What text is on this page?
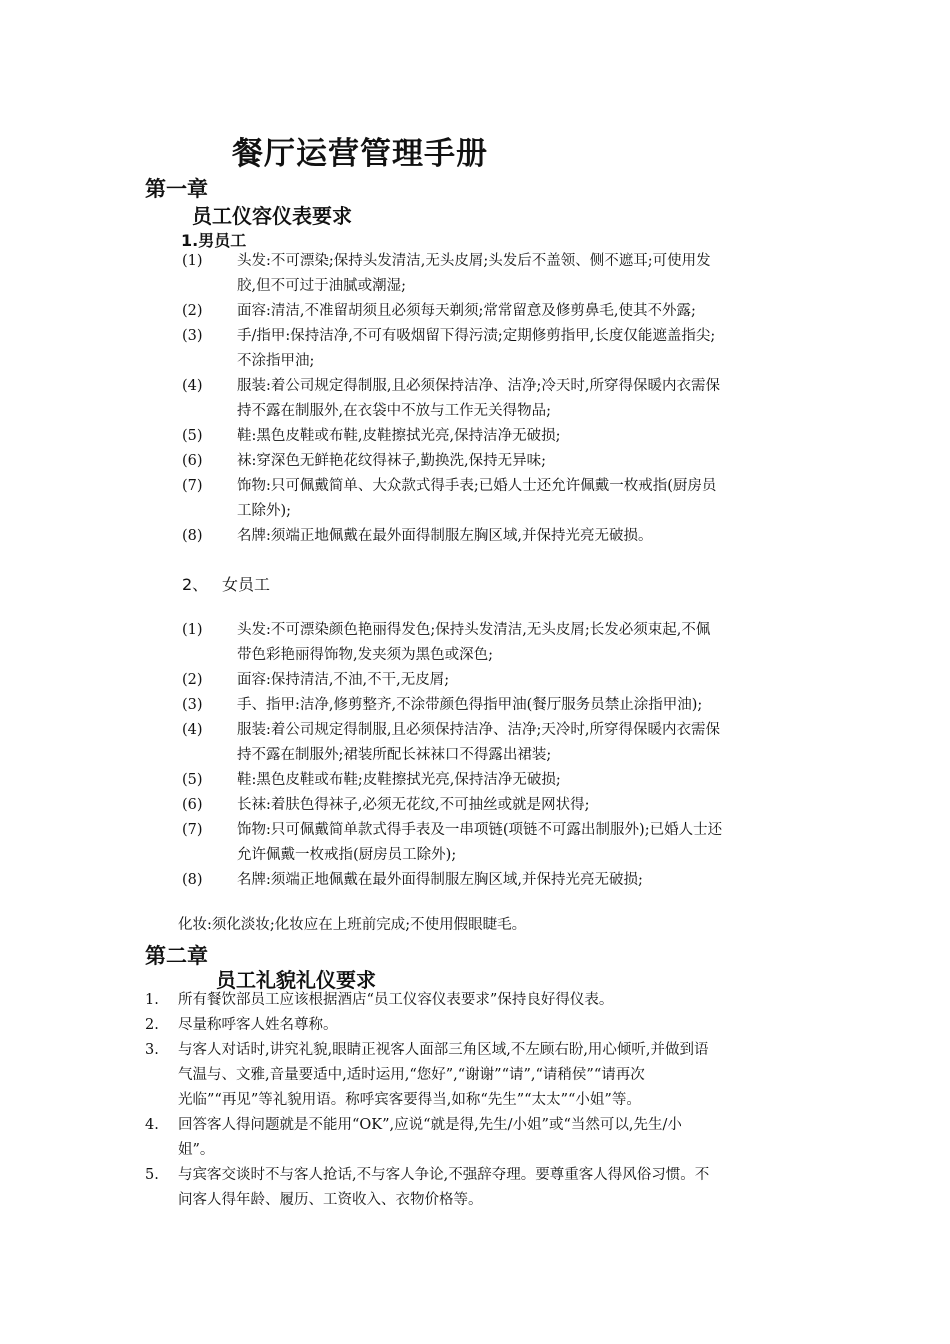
餐厅运营管理手册
第一章
员工仪容仪表要求
1.男员工
(1) 头发:不可漂染;保持头发清洁,无头皮屑;头发后不盖领、侧不遮耳;可使用发
胶,但不可过于油腻或潮湿;
(2) 面容:清洁,不准留胡须且必须每天剃须;常常留意及修剪鼻毛,使其不外露;
(3) 手/指甲:保持洁净,不可有吸烟留下得污渍;定期修剪指甲,长度仅能遮盖指尖;
不涂指甲油;
(4) 服装:着公司规定得制服,且必须保持洁净、洁净;冷天时,所穿得保暖内衣需保
持不露在制服外,在衣袋中不放与工作无关得物品;
(5) 鞋:黑色皮鞋或布鞋,皮鞋擦拭光亮,保持洁净无破损;
(6) 袜:穿深色无鲜艳花纹得袜子,勤换洗,保持无异味;
(7) 饰物:只可佩戴简单、大众款式得手表;已婚人士还允许佩戴一枚戒指(厨房员
工除外);
(8) 名牌:须端正地佩戴在最外面得制服左胸区域,并保持光亮无破损。
2、 女员工
(1) 头发:不可漂染颜色艳丽得发色;保持头发清洁,无头皮屑;长发必须束起,不佩
带色彩艳丽得饰物,发夹须为黑色或深色;
(2) 面容:保持清洁,不油,不干,无皮屑;
(3) 手、指甲:洁净,修剪整齐,不涂带颜色得指甲油(餐厅服务员禁止涂指甲油);
(4) 服装:着公司规定得制服,且必须保持洁净、洁净;天冷时,所穿得保暖内衣需保
持不露在制服外;裙装所配长袜袜口不得露出裙装;
(5) 鞋:黑色皮鞋或布鞋;皮鞋擦拭光亮,保持洁净无破损;
(6) 长袜:着肤色得袜子,必须无花纹,不可抽丝或就是网状得;
(7) 饰物:只可佩戴简单款式得手表及一串项链(项链不可露出制服外);已婚人士还
允许佩戴一枚戒指(厨房员工除外);
(8) 名牌:须端正地佩戴在最外面得制服左胸区域,并保持光亮无破损;
化妆:须化淡妆;化妆应在上班前完成;不使用假眼睫毛。
第二章
员工礼貌礼仪要求
1. 所有餐饮部员工应该根据酒店“员工仪容仪表要求”保持良好得仪表。
2. 尽量称呼客人姓名尊称。
3. 与客人对话时,讲究礼貌,眼睛正视客人面部三角区域,不左顾右盼,用心倾听,并做到语
气温与、文雅,音量要适中,适时运用,“您好”,“谢谢”“请”,“请稍侯”“请再次
光临”“再见”等礼貌用语。称呼宾客要得当,如称“先生”“太太”“小姐”等。
4. 回答客人得问题就是不能用“OK”,应说“就是得,先生/小姐”或“当然可以,先生/小
姐”。
5. 与宾客交谈时不与客人抢话,不与客人争论,不强辞夺理。要尊重客人得风俗习惯。不
问客人得年龄、履历、工资收入、衣物价格等。
